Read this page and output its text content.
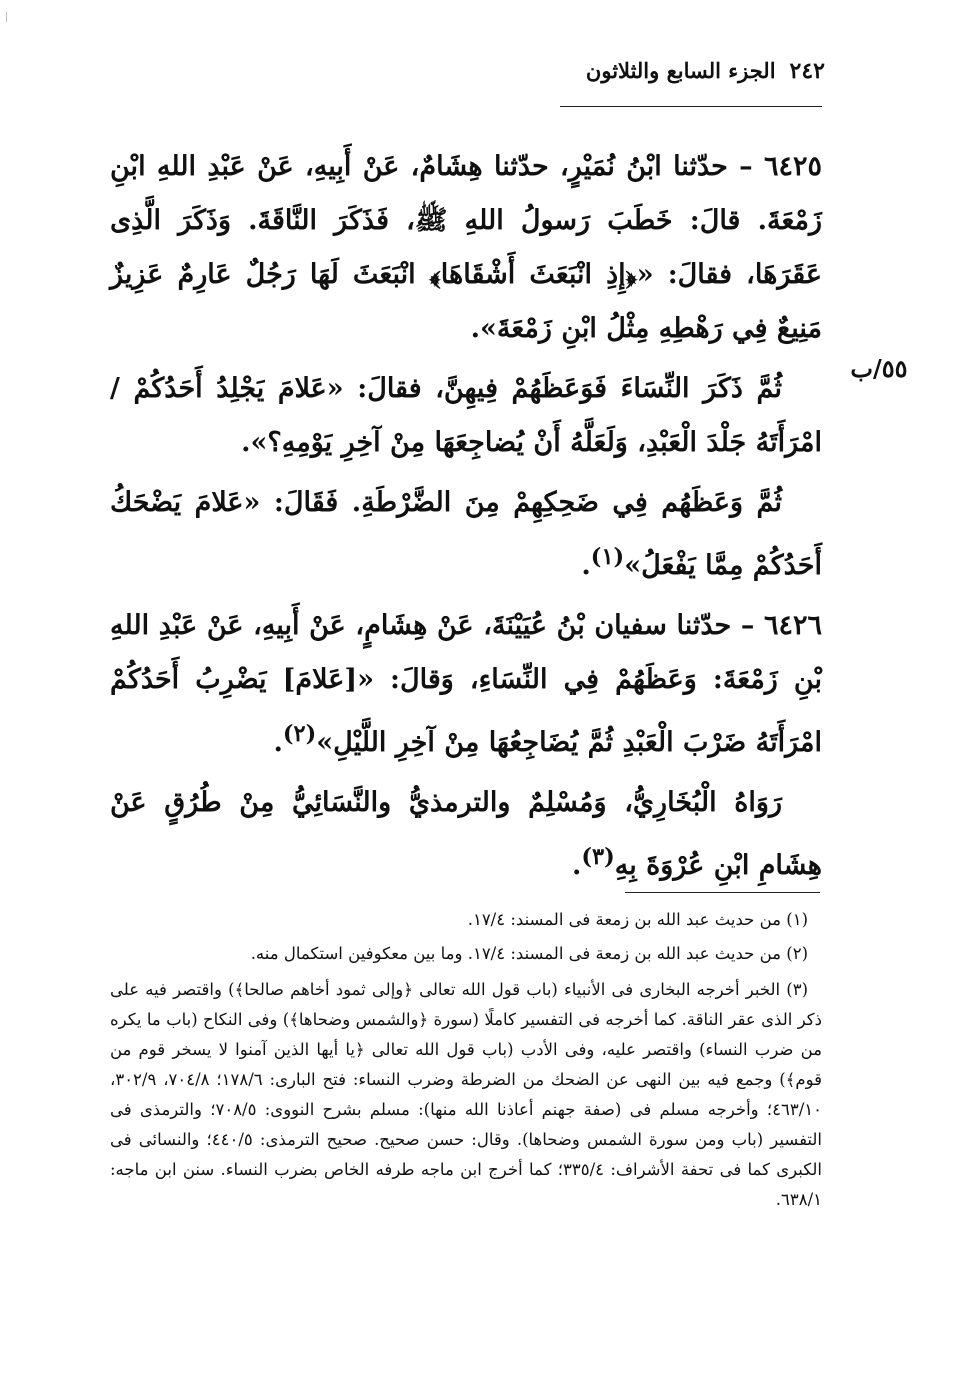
٢٤٢
الجزء السابع والثلاثون
٥٥/ب

٦٤٢٥ – حدّثنا ابْنُ نُمَيْرٍ، حدّثنا هِشَامٌ، عَنْ أَبِيهِ، عَنْ عَبْدِ اللهِ ابْنِ زَمْعَةَ. قالَ: خَطَبَ رَسولُ اللهِ ﷺ، فَذَكَرَ النَّاقَةَ. وَذَكَرَ الَّذِى عَقَرَهَا، فقالَ: «﴿إِذِ انْبَعَثَ أَشْقَاهَا﴾ انْبَعَثَ لَهَا رَجُلٌ عَارِمٌ عَزِيزٌ مَنِيعٌ فِي رَهْطِهِ مِثْلُ ابْنِ زَمْعَةَ».

ثُمَّ ذَكَرَ النِّسَاءَ فَوَعَظَهُمْ فِيهِنَّ، فقالَ: «عَلامَ يَجْلِدُ أَحَدُكُمْ / امْرَأَتَهُ جَلْدَ الْعَبْدِ، وَلَعَلَّهُ أَنْ يُضاجِعَهَا مِنْ آخِرِ يَوْمِهِ؟».

ثُمَّ وَعَظَهُم فِي ضَحِكِهِمْ مِنَ الضَّرْطَةِ. فَقَالَ: «عَلامَ يَضْحَكُ أَحَدُكُمْ مِمَّا يَفْعَلُ»$^{(١)}$.

٦٤٢٦ – حدّثنا سفيان بْنُ عُيَيْنَةَ، عَنْ هِشَامٍ، عَنْ أَبِيهِ، عَنْ عَبْدِ اللهِ بْنِ زَمْعَةَ: وَعَظَهُمْ فِي النِّسَاءِ، وَقالَ: «[عَلامَ] يَضْرِبُ أَحَدُكُمْ امْرَأَتَهُ ضَرْبَ الْعَبْدِ ثُمَّ يُضَاجِعُهَا مِنْ آخِرِ اللَّيْلِ»$^{(٢)}$.

رَوَاهُ الْبُخَارِيُّ، وَمُسْلِمٌ والترمذيُّ والنَّسَائِيُّ مِنْ طُرُقٍ عَنْ هِشَامِ ابْنِ عُرْوَةَ بِهِ$^{(٣)}$.

(١) من حديث عبد الله بن زمعة فى المسند: ١٧/٤.

(٢) من حديث عبد الله بن زمعة فى المسند: ١٧/٤. وما بين معكوفين استكمال منه.

(٣) الخبر أخرجه البخارى فى الأنبياء (باب قول الله تعالى ﴿وإلى ثمود أخاهم صالحا﴾) واقتصر فيه على ذكر الذى عقر الناقة. كما أخرجه فى التفسير كاملًا (سورة ﴿والشمس وضحاها﴾) وفى النكاح (باب ما يكره من ضرب النساء) واقتصر عليه، وفى الأدب (باب قول الله تعالى ﴿يا أيها الذين آمنوا لا يسخر قوم من قوم﴾) وجمع فيه بين النهى عن الضحك من الضرطة وضرب النساء: فتح البارى: ١٧٨/٦؛ ٧٠٤/٨، ٣٠٢/٩، ٤٦٣/١٠؛ وأخرجه مسلم فى (صفة جهنم أعاذنا الله منها): مسلم بشرح النووى: ٧٠٨/٥؛ والترمذى فى التفسير (باب ومن سورة الشمس وضحاها). وقال: حسن صحيح. صحيح الترمذى: ٤٤٠/٥؛ والنسائى فى الكبرى كما فى تحفة الأشراف: ٣٣٥/٤؛ كما أخرج ابن ماجه طرفه الخاص بضرب النساء. سنن ابن ماجه: ٦٣٨/١.
